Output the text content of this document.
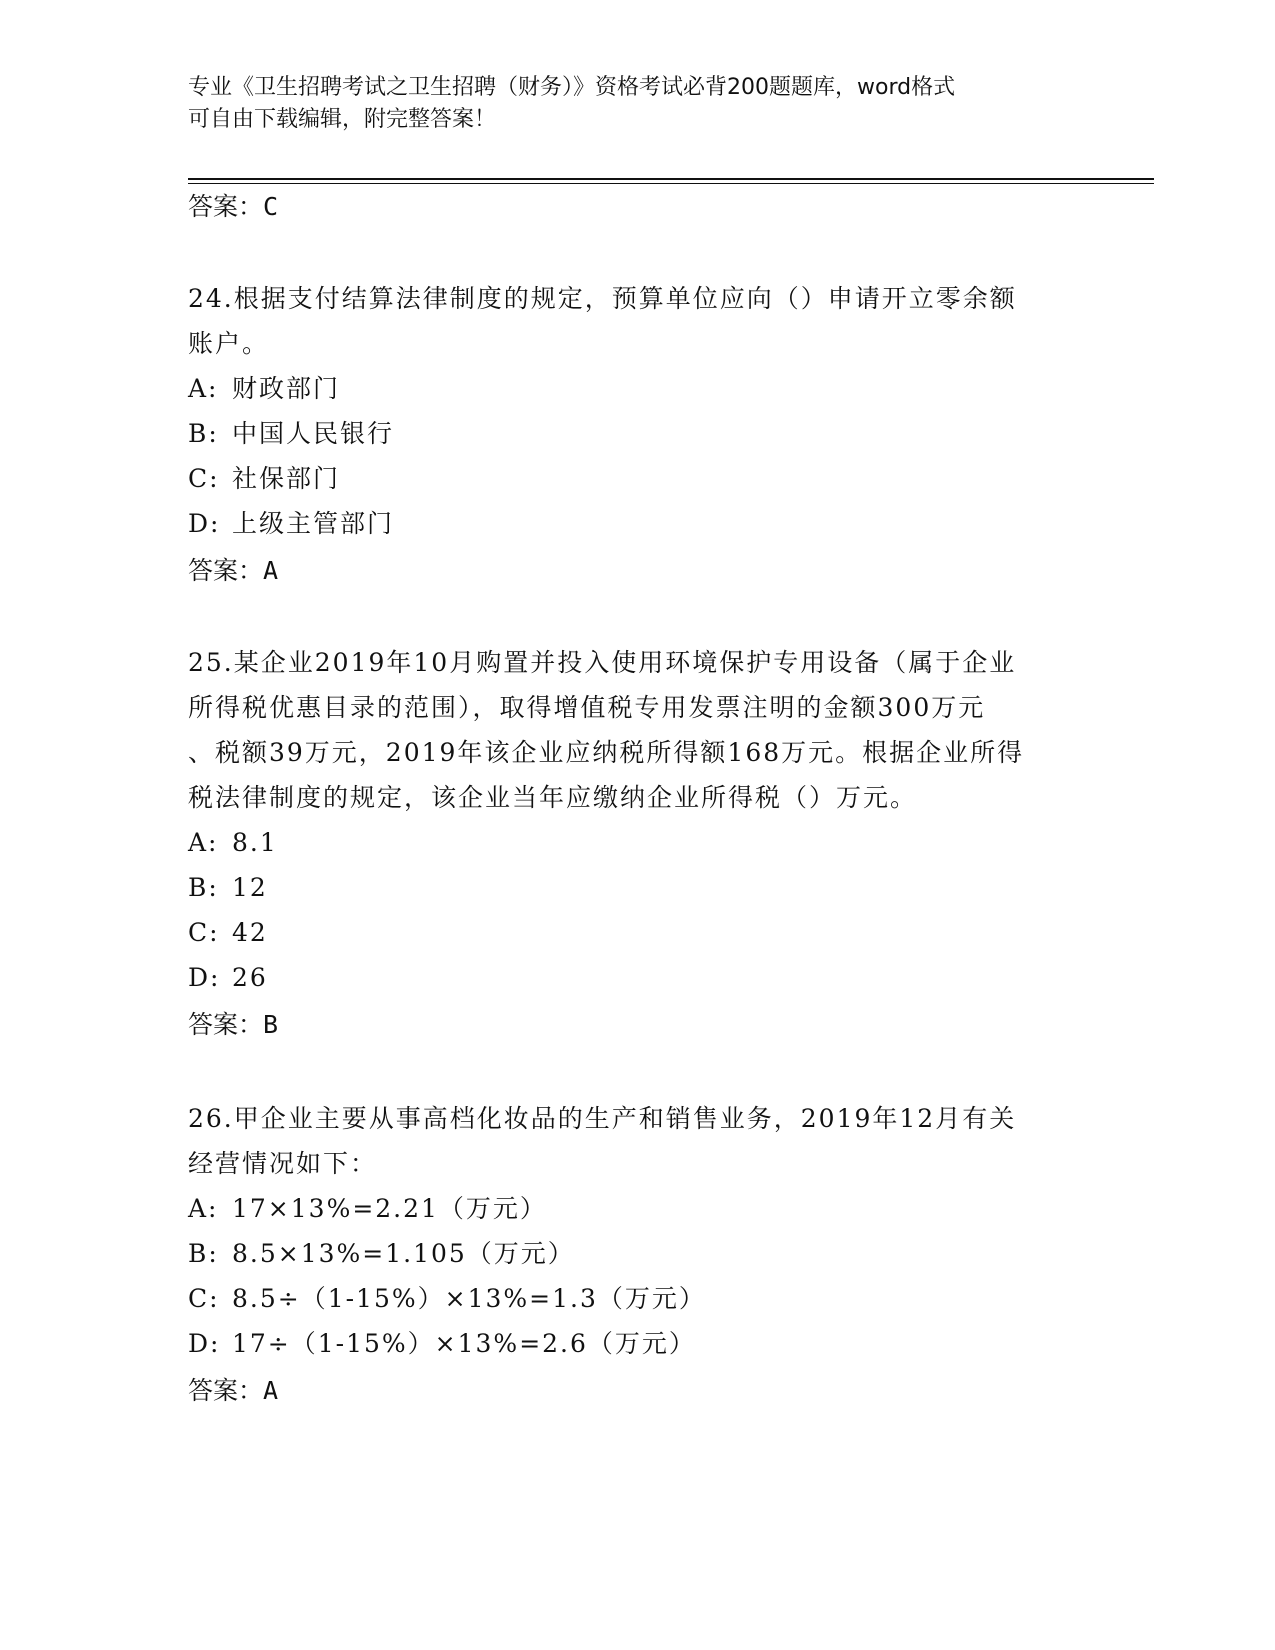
专业《卫生招聘考试之卫生招聘（财务）》资格考试必背200题题库，word格式
可自由下载编辑，附完整答案！
答案：C

24.根据支付结算法律制度的规定，预算单位应向（）申请开立零余额

账户。

A: 财政部门

B: 中国人民银行

C: 社保部门

D: 上级主管部门

答案：A

25.某企业2019年10月购置并投入使用环境保护专用设备（属于企业

所得税优惠目录的范围），取得增值税专用发票注明的金额300万元

、税额39万元，2019年该企业应纳税所得额168万元。根据企业所得

税法律制度的规定，该企业当年应缴纳企业所得税（）万元。

A: 8.1

B: 12

C: 42

D: 26

答案：B

26.甲企业主要从事高档化妆品的生产和销售业务，2019年12月有关

经营情况如下：

A: 17×13%=2.21（万元）

B: 8.5×13%=1.105（万元）

C: 8.5÷（1-15%）×13%=1.3（万元）

D: 17÷（1-15%）×13%=2.6（万元）

答案：A
